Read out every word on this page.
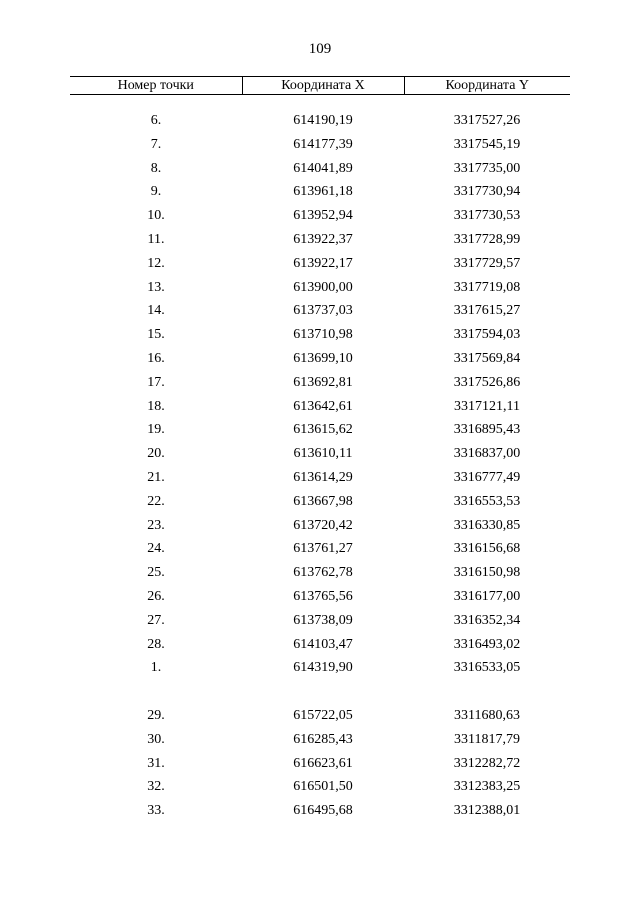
109
Номер точки	Координата X	Координата Y

6.	614190,19	3317527,26
7.	614177,39	3317545,19
8.	614041,89	3317735,00
9.	613961,18	3317730,94
10.	613952,94	3317730,53
11.	613922,37	3317728,99
12.	613922,17	3317729,57
13.	613900,00	3317719,08
14.	613737,03	3317615,27
15.	613710,98	3317594,03
16.	613699,10	3317569,84
17.	613692,81	3317526,86
18.	613642,61	3317121,11
19.	613615,62	3316895,43
20.	613610,11	3316837,00
21.	613614,29	3316777,49
22.	613667,98	3316553,53
23.	613720,42	3316330,85
24.	613761,27	3316156,68
25.	613762,78	3316150,98
26.	613765,56	3316177,00
27.	613738,09	3316352,34
28.	614103,47	3316493,02
1.	614319,90	3316533,05

29.	615722,05	3311680,63
30.	616285,43	3311817,79
31.	616623,61	3312282,72
32.	616501,50	3312383,25
33.	616495,68	3312388,01
